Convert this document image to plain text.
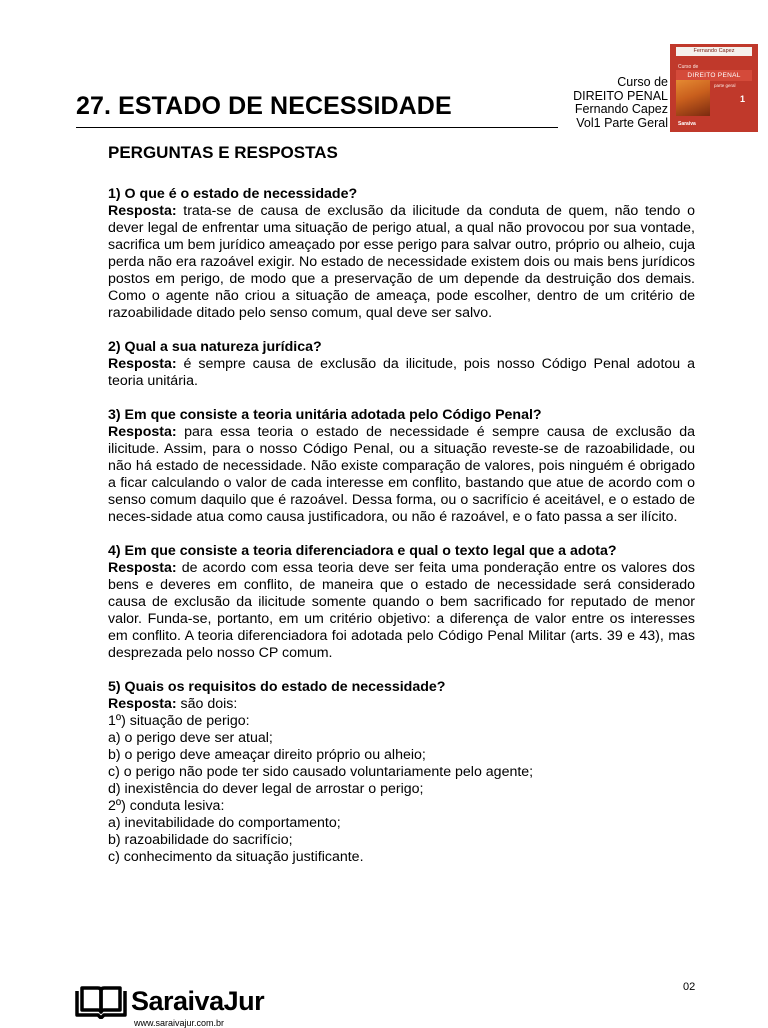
27. ESTADO DE NECESSIDADE
Curso de
DIREITO PENAL
Fernando Capez
Vol1 Parte Geral
Fernando Capez
Curso de
DIREITO PENAL
parte geral
1
Saraiva
PERGUNTAS E RESPOSTAS

1) O que é o estado de necessidade?

Resposta: trata-se de causa de exclusão da ilicitude da conduta de quem, não tendo o dever legal de enfrentar uma situação de perigo atual, a qual não provocou por sua vontade, sacrifica um bem jurídico ameaçado por esse perigo para salvar outro, próprio ou alheio, cuja perda não era razoável exigir. No estado de necessidade existem dois ou mais bens jurídicos postos em perigo, de modo que a preservação de um depende da destruição dos demais. Como o agente não criou a situação de ameaça, pode escolher, dentro de um critério de razoabilidade ditado pelo senso comum, qual deve ser salvo.

2) Qual a sua natureza jurídica?

Resposta: é sempre causa de exclusão da ilicitude, pois nosso Código Penal adotou a teoria unitária.

3) Em que consiste a teoria unitária adotada pelo Código Penal?

Resposta: para essa teoria o estado de necessidade é sempre causa de exclusão da ilicitude. Assim, para o nosso Código Penal, ou a situação reveste-se de razoabilidade, ou não há estado de necessidade. Não existe comparação de valores, pois ninguém é obrigado a ficar calculando o valor de cada interesse em conflito, bastando que atue de acordo com o senso comum daquilo que é razoável. Dessa forma, ou o sacrifício é aceitável, e o estado de neces-sidade atua como causa justificadora, ou não é razoável, e o fato passa a ser ilícito.

4) Em que consiste a teoria diferenciadora e qual o texto legal que a adota?

Resposta: de acordo com essa teoria deve ser feita uma ponderação entre os valores dos bens e deveres em conflito, de maneira que o estado de necessidade será considerado causa de exclusão da ilicitude somente quando o bem sacrificado for reputado de menor valor. Funda-se, portanto, em um critério objetivo: a diferença de valor entre os interesses em conflito. A teoria diferenciadora foi adotada pelo Código Penal Militar (arts. 39 e 43), mas desprezada pelo nosso CP comum.

5) Quais os requisitos do estado de necessidade?

Resposta: são dois:

1º) situação de perigo:

a) o perigo deve ser atual;

b) o perigo deve ameaçar direito próprio ou alheio;

c) o perigo não pode ter sido causado voluntariamente pelo agente;

d) inexistência do dever legal de arrostar o perigo;

2º) conduta lesiva:

a) inevitabilidade do comportamento;

b) razoabilidade do sacrifício;

c) conhecimento da situação justificante.

02
SaraivaJur
www.saraivajur.com.br
